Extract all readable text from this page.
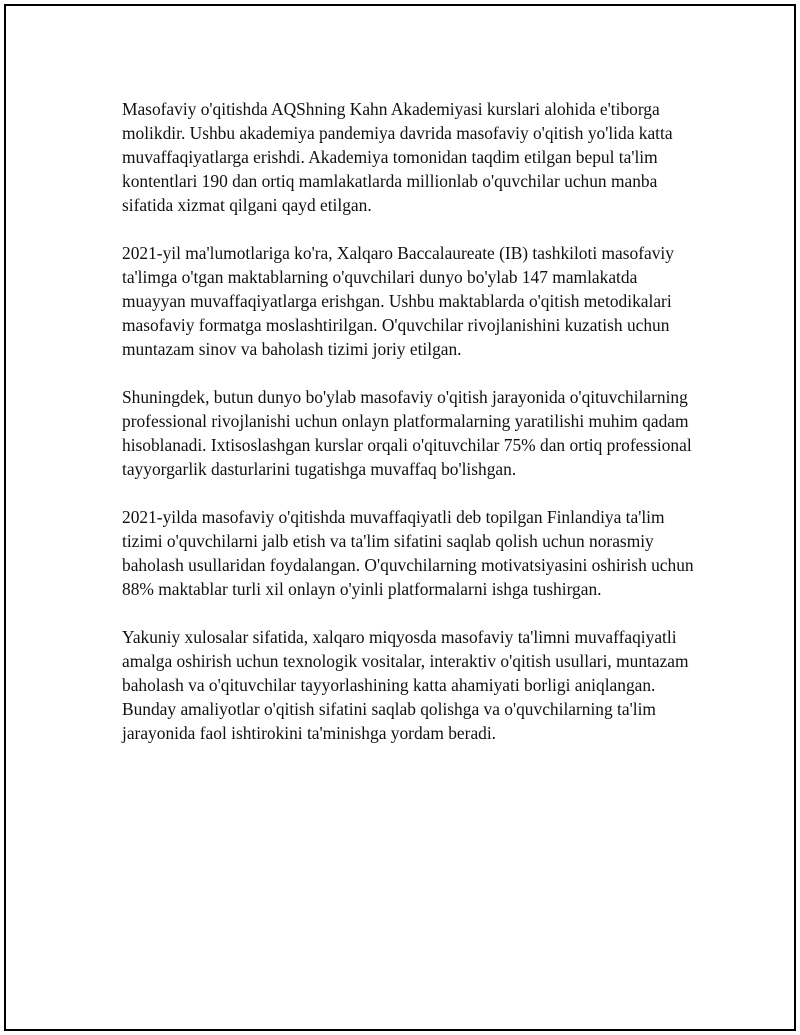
Masofaviy o'qitishda AQShning Kahn Akademiyasi kurslari alohida e'tiborga molikdir. Ushbu akademiya pandemiya davrida masofaviy o'qitish yo'lida katta muvaffaqiyatlarga erishdi. Akademiya tomonidan taqdim etilgan bepul ta'lim kontentlari 190 dan ortiq mamlakatlarda millionlab o'quvchilar uchun manba sifatida xizmat qilgani qayd etilgan.

2021-yil ma'lumotlariga ko'ra, Xalqaro Baccalaureate (IB) tashkiloti masofaviy ta'limga o'tgan maktablarning o'quvchilari dunyo bo'ylab 147 mamlakatda muayyan muvaffaqiyatlarga erishgan. Ushbu maktablarda o'qitish metodikalari masofaviy formatga moslashtirilgan. O'quvchilar rivojlanishini kuzatish uchun muntazam sinov va baholash tizimi joriy etilgan.

Shuningdek, butun dunyo bo'ylab masofaviy o'qitish jarayonida o'qituvchilarning professional rivojlanishi uchun onlayn platformalarning yaratilishi muhim qadam hisoblanadi. Ixtisoslashgan kurslar orqali o'qituvchilar 75% dan ortiq professional tayyorgarlik dasturlarini tugatishga muvaffaq bo'lishgan.

2021-yilda masofaviy o'qitishda muvaffaqiyatli deb topilgan Finlandiya ta'lim tizimi o'quvchilarni jalb etish va ta'lim sifatini saqlab qolish uchun norasmiy baholash usullaridan foydalangan. O'quvchilarning motivatsiyasini oshirish uchun 88% maktablar turli xil onlayn o'yinli platformalarni ishga tushirgan.

Yakuniy xulosalar sifatida, xalqaro miqyosda masofaviy ta'limni muvaffaqiyatli amalga oshirish uchun texnologik vositalar, interaktiv o'qitish usullari, muntazam baholash va o'qituvchilar tayyorlashining katta ahamiyati borligi aniqlangan. Bunday amaliyotlar o'qitish sifatini saqlab qolishga va o'quvchilarning ta'lim jarayonida faol ishtirokini ta'minishga yordam beradi.
